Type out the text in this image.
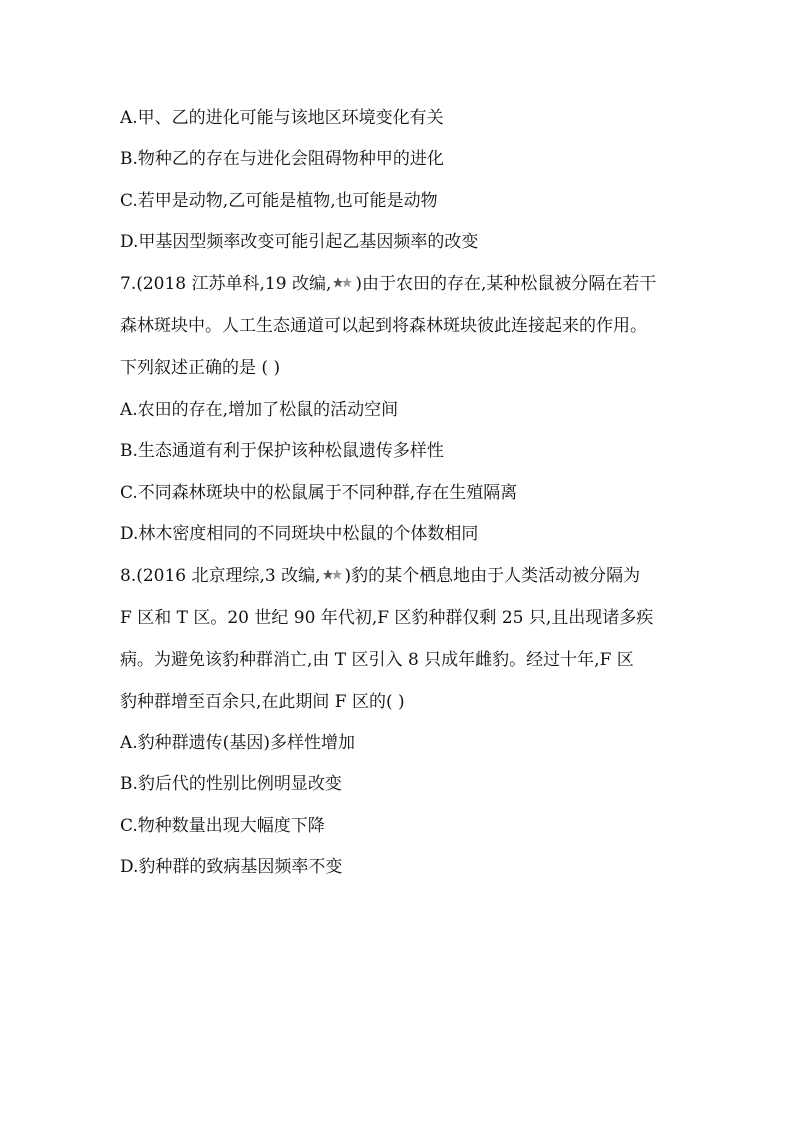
A.甲、乙的进化可能与该地区环境变化有关
B.物种乙的存在与进化会阻碍物种甲的进化
C.若甲是动物,乙可能是植物,也可能是动物
D.甲基因型频率改变可能引起乙基因频率的改变
7.(2018 江苏单科,19 改编, )由于农田的存在,某种松鼠被分隔在若干
森林斑块中。人工生态通道可以起到将森林斑块彼此连接起来的作用。
下列叙述正确的是 ( )
A.农田的存在,增加了松鼠的活动空间
B.生态通道有利于保护该种松鼠遗传多样性
C.不同森林斑块中的松鼠属于不同种群,存在生殖隔离
D.林木密度相同的不同斑块中松鼠的个体数相同
8.(2016 北京理综,3 改编, )豹的某个栖息地由于人类活动被分隔为
F 区和 T 区。20 世纪 90 年代初,F 区豹种群仅剩 25 只,且出现诸多疾
病。为避免该豹种群消亡,由 T 区引入 8 只成年雌豹。经过十年,F 区
豹种群增至百余只,在此期间 F 区的( )
A.豹种群遗传(基因)多样性增加
B.豹后代的性别比例明显改变
C.物种数量出现大幅度下降
D.豹种群的致病基因频率不变
